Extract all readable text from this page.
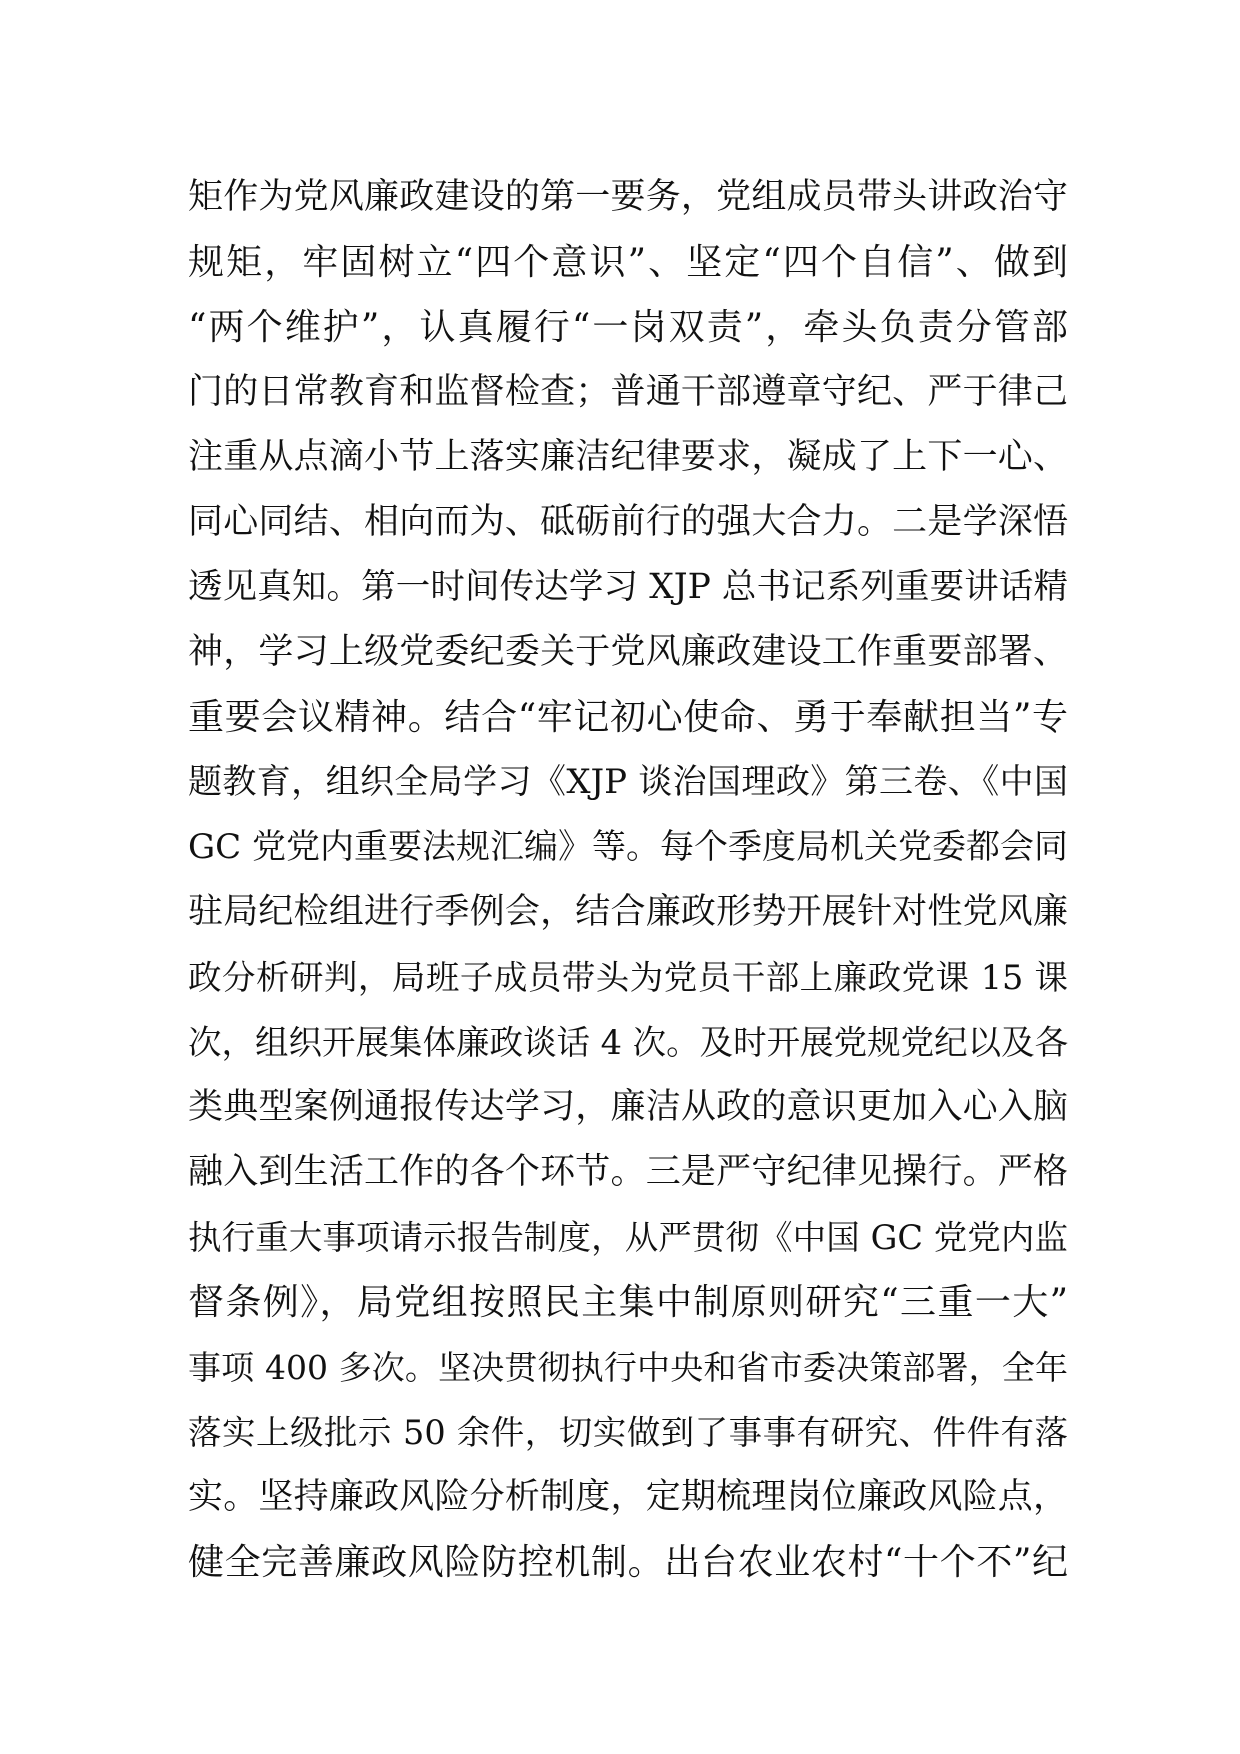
矩作为党风廉政建设的第一要务，党组成员带头讲政治守
规矩，牢固树立“四个意识”、坚定“四个自信”、做到
“两个维护”，认真履行“一岗双责”，牵头负责分管部
门的日常教育和监督检查；普通干部遵章守纪、严于律己
注重从点滴小节上落实廉洁纪律要求，凝成了上下一心、
同心同结、相向而为、砥砺前行的强大合力。二是学深悟
透见真知。第一时间传达学习 XJP 总书记系列重要讲话精
神，学习上级党委纪委关于党风廉政建设工作重要部署、
重要会议精神。结合“牢记初心使命、勇于奉献担当”专
题教育，组织全局学习《XJP 谈治国理政》第三卷、《中国
GC 党党内重要法规汇编》等。每个季度局机关党委都会同
驻局纪检组进行季例会，结合廉政形势开展针对性党风廉
政分析研判，局班子成员带头为党员干部上廉政党课 15 课
次，组织开展集体廉政谈话 4 次。及时开展党规党纪以及各
类典型案例通报传达学习，廉洁从政的意识更加入心入脑
融入到生活工作的各个环节。三是严守纪律见操行。严格
执行重大事项请示报告制度，从严贯彻《中国 GC 党党内监
督条例》，局党组按照民主集中制原则研究“三重一大”
事项 400 多次。坚决贯彻执行中央和省市委决策部署，全年
落实上级批示 50 余件，切实做到了事事有研究、件件有落
实。坚持廉政风险分析制度，定期梳理岗位廉政风险点，
健全完善廉政风险防控机制。出台农业农村“十个不”纪
